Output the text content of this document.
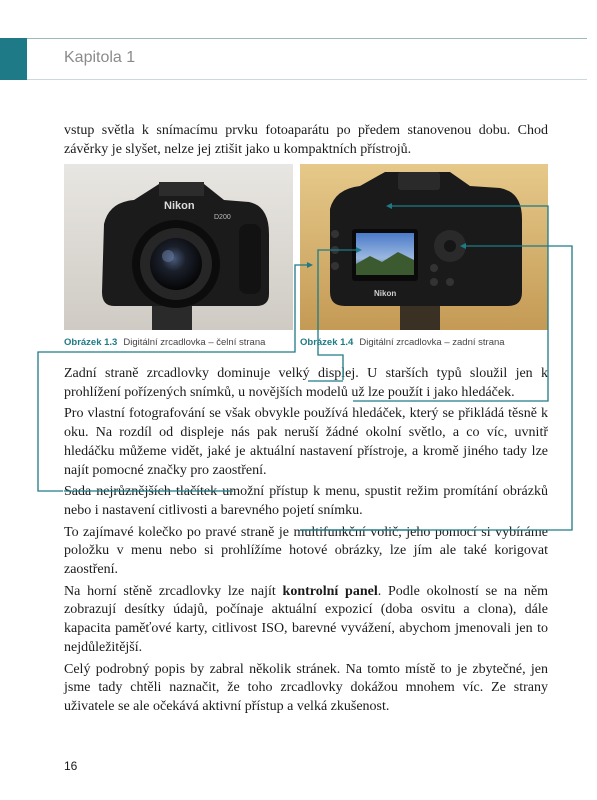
Kapitola 1

vstup světla k snímacímu prvku fotoaparátu po předem stanovenou dobu. Chod závěrky je slyšet, nelze jej ztišit jako u kompaktních přístrojů.

Nikon
D200
Nikon
Obrázek 1.3 Digitální zrcadlovka – čelní strana	Obrázek 1.4 Digitální zrcadlovka – zadní strana

Zadní straně zrcadlovky dominuje velký displej. U starších typů sloužil jen k prohlížení pořízených snímků, u novějších modelů už lze použít i jako hledáček.

Pro vlastní fotografování se však obvykle používá hledáček, který se přikládá těsně k oku. Na rozdíl od displeje nás pak neruší žádné okolní světlo, a co víc, uvnitř hledáčku můžeme vidět, jaké je aktuální nastavení přístroje, a kromě jiného tady lze najít pomocné značky pro zaostření.

Sada nejrůznějších tlačítek umožní přístup k menu, spustit režim promítání obrázků nebo i nastavení citlivosti a barevného pojetí snímku.

To zajímavé kolečko po pravé straně je multifunkční volič, jeho pomocí si vybíráme položku v menu nebo si prohlížíme hotové obrázky, lze jím ale také korigovat zaostření.

Na horní stěně zrcadlovky lze najít kontrolní panel. Podle okolností se na něm zobrazují desítky údajů, počínaje aktuální expozicí (doba osvitu a clona), dále kapacita paměťové karty, citlivost ISO, barevné vyvážení, abychom jmenovali jen to nejdůležitější.

Celý podrobný popis by zabral několik stránek. Na tomto místě to je zbytečné, jen jsme tady chtěli naznačit, že toho zrcadlovky dokážou mnohem víc. Ze strany uživatele se ale očekává aktivní přístup a velká zkušenost.

16
